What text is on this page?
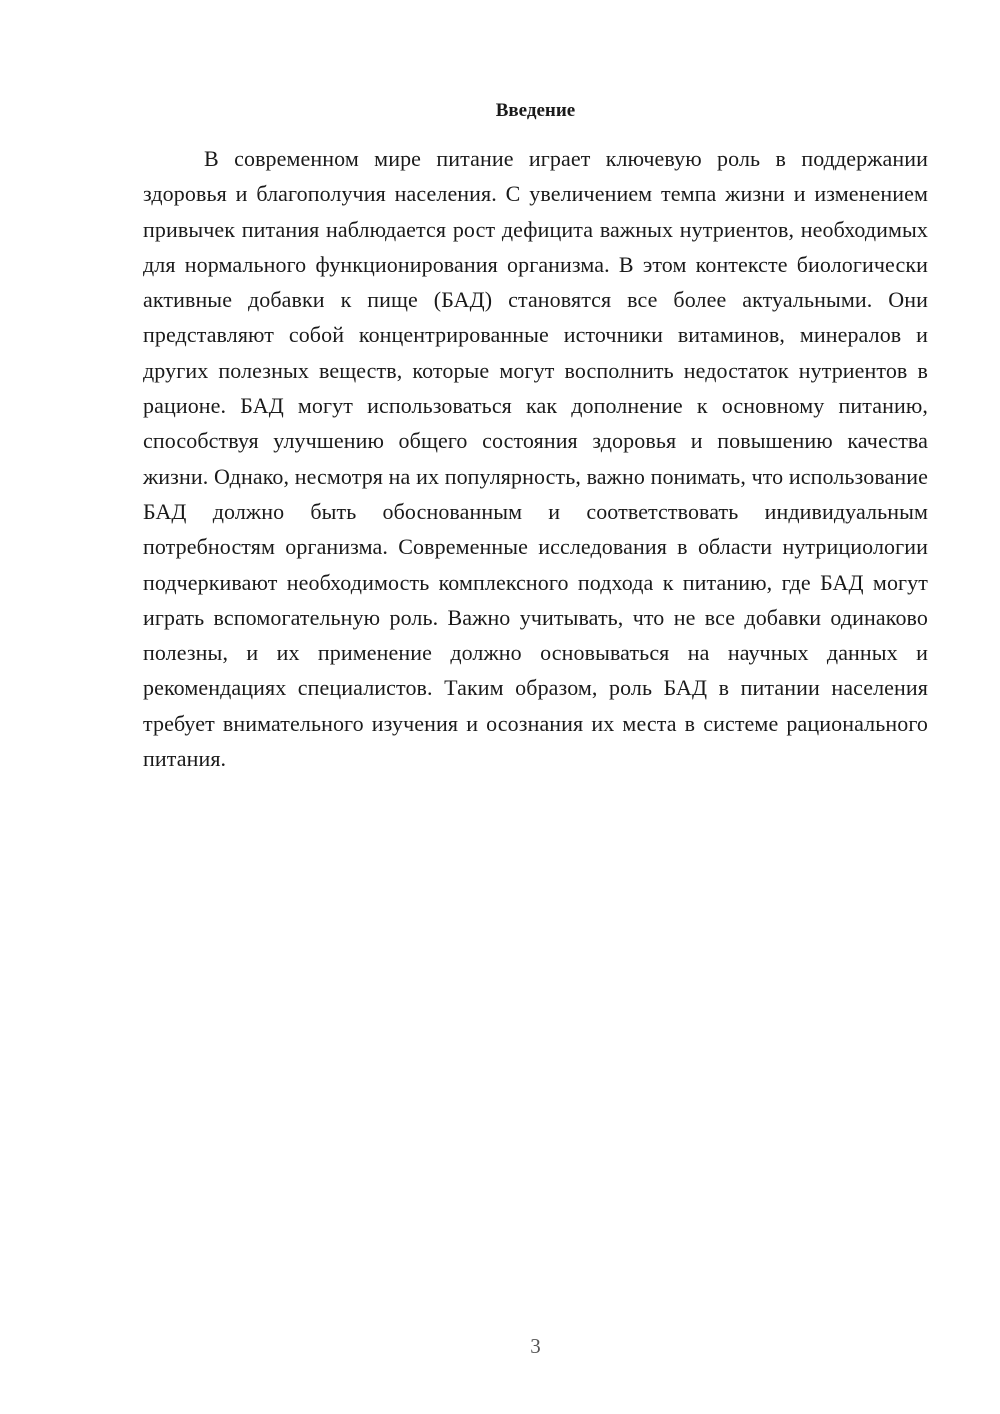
Введение

В современном мире питание играет ключевую роль в поддержании здоровья и благополучия населения. С увеличением темпа жизни и изменением привычек питания наблюдается рост дефицита важных нутриентов, необходимых для нормального функционирования организма. В этом контексте биологически активные добавки к пище (БАД) становятся все более актуальными. Они представляют собой концентрированные источники витаминов, минералов и других полезных веществ, которые могут восполнить недостаток нутриентов в рационе. БАД могут использоваться как дополнение к основному питанию, способствуя улучшению общего состояния здоровья и повышению качества жизни. Однако, несмотря на их популярность, важно понимать, что использование БАД должно быть обоснованным и соответствовать индивидуальным потребностям организма. Современные исследования в области нутрициологии подчеркивают необходимость комплексного подхода к питанию, где БАД могут играть вспомогательную роль. Важно учитывать, что не все добавки одинаково полезны, и их применение должно основываться на научных данных и рекомендациях специалистов. Таким образом, роль БАД в питании населения требует внимательного изучения и осознания их места в системе рационального питания.

3
